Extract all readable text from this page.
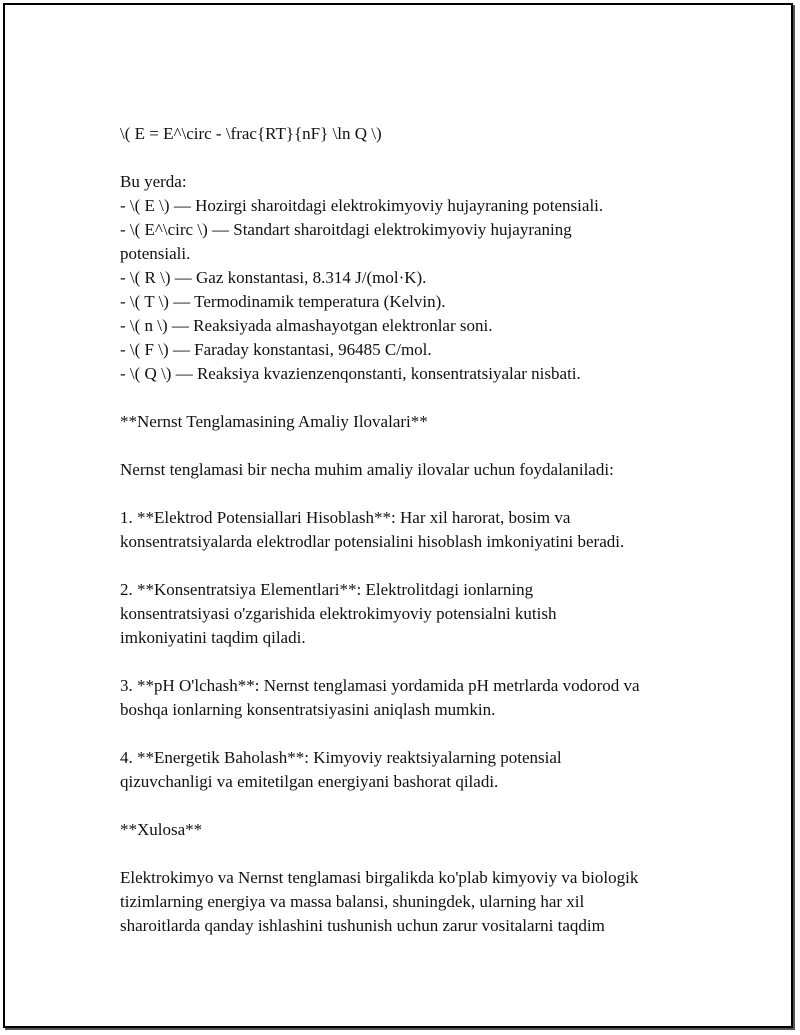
\( E = E^\circ - \frac{RT}{nF} \ln Q \)

Bu yerda:
- \( E \) — Hozirgi sharoitdagi elektrokimyoviy hujayraning potensiali.
- \( E^\circ \) — Standart sharoitdagi elektrokimyoviy hujayraning
potensiali.
- \( R \) — Gaz konstantasi, 8.314 J/(mol·K).
- \( T \) — Termodinamik temperatura (Kelvin).
- \( n \) — Reaksiyada almashayotgan elektronlar soni.
- \( F \) — Faraday konstantasi, 96485 C/mol.
- \( Q \) — Reaksiya kvazienzenqonstanti, konsentratsiyalar nisbati.

**Nernst Tenglamasining Amaliy Ilovalari**

Nernst tenglamasi bir necha muhim amaliy ilovalar uchun foydalaniladi:

1. **Elektrod Potensiallari Hisoblash**: Har xil harorat, bosim va
konsentratsiyalarda elektrodlar potensialini hisoblash imkoniyatini beradi.

2. **Konsentratsiya Elementlari**: Elektrolitdagi ionlarning
konsentratsiyasi o'zgarishida elektrokimyoviy potensialni kutish
imkoniyatini taqdim qiladi.

3. **pH O'lchash**: Nernst tenglamasi yordamida pH metrlarda vodorod va
boshqa ionlarning konsentratsiyasini aniqlash mumkin.

4. **Energetik Baholash**: Kimyoviy reaktsiyalarning potensial
qizuvchanligi va emitetilgan energiyani bashorat qiladi.

**Xulosa**

Elektrokimyo va Nernst tenglamasi birgalikda ko'plab kimyoviy va biologik
tizimlarning energiya va massa balansi, shuningdek, ularning har xil
sharoitlarda qanday ishlashini tushunish uchun zarur vositalarni taqdim
